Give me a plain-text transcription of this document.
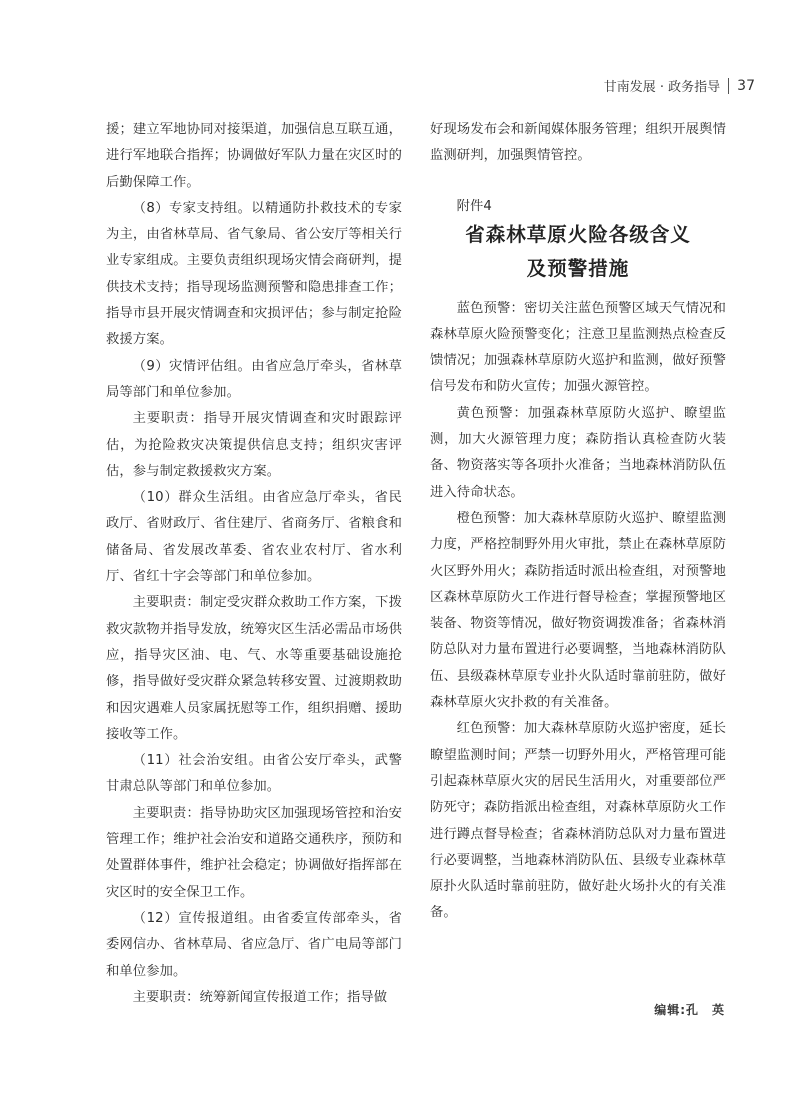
甘南发展 · 政务指导 37

援；建立军地协同对接渠道，加强信息互联互通，进行军地联合指挥；协调做好军队力量在灾区时的后勤保障工作。

（8）专家支持组。以精通防扑救技术的专家为主，由省林草局、省气象局、省公安厅等相关行业专家组成。主要负责组织现场灾情会商研判，提供技术支持；指导现场监测预警和隐患排查工作；指导市县开展灾情调查和灾损评估；参与制定抢险救援方案。

（9）灾情评估组。由省应急厅牵头，省林草局等部门和单位参加。

主要职责：指导开展灾情调查和灾时跟踪评估，为抢险救灾决策提供信息支持；组织灾害评估，参与制定救援救灾方案。

（10）群众生活组。由省应急厅牵头，省民政厅、省财政厅、省住建厅、省商务厅、省粮食和储备局、省发展改革委、省农业农村厅、省水利厅、省红十字会等部门和单位参加。

主要职责：制定受灾群众救助工作方案，下拨救灾款物并指导发放，统筹灾区生活必需品市场供应，指导灾区油、电、气、水等重要基础设施抢修，指导做好受灾群众紧急转移安置、过渡期救助和因灾遇难人员家属抚慰等工作，组织捐赠、援助接收等工作。

（11）社会治安组。由省公安厅牵头，武警甘肃总队等部门和单位参加。

主要职责：指导协助灾区加强现场管控和治安管理工作；维护社会治安和道路交通秩序，预防和处置群体事件，维护社会稳定；协调做好指挥部在灾区时的安全保卫工作。

（12）宣传报道组。由省委宣传部牵头，省委网信办、省林草局、省应急厅、省广电局等部门和单位参加。

主要职责：统筹新闻宣传报道工作；指导做

好现场发布会和新闻媒体服务管理；组织开展舆情监测研判，加强舆情管控。

附件4
省森林草原火险各级含义
及预警措施

蓝色预警：密切关注蓝色预警区域天气情况和森林草原火险预警变化；注意卫星监测热点检查反馈情况；加强森林草原防火巡护和监测，做好预警信号发布和防火宣传；加强火源管控。

黄色预警：加强森林草原防火巡护、瞭望监测，加大火源管理力度；森防指认真检查防火装备、物资落实等各项扑火准备；当地森林消防队伍进入待命状态。

橙色预警：加大森林草原防火巡护、瞭望监测力度，严格控制野外用火审批，禁止在森林草原防火区野外用火；森防指适时派出检查组，对预警地区森林草原防火工作进行督导检查；掌握预警地区装备、物资等情况，做好物资调拨准备；省森林消防总队对力量布置进行必要调整，当地森林消防队伍、县级森林草原专业扑火队适时靠前驻防，做好森林草原火灾扑救的有关准备。

红色预警：加大森林草原防火巡护密度，延长瞭望监测时间；严禁一切野外用火，严格管理可能引起森林草原火灾的居民生活用火，对重要部位严防死守；森防指派出检查组，对森林草原防火工作进行蹲点督导检查；省森林消防总队对力量布置进行必要调整，当地森林消防队伍、县级专业森林草原扑火队适时靠前驻防，做好赴火场扑火的有关准备。

编辑:孔　英
